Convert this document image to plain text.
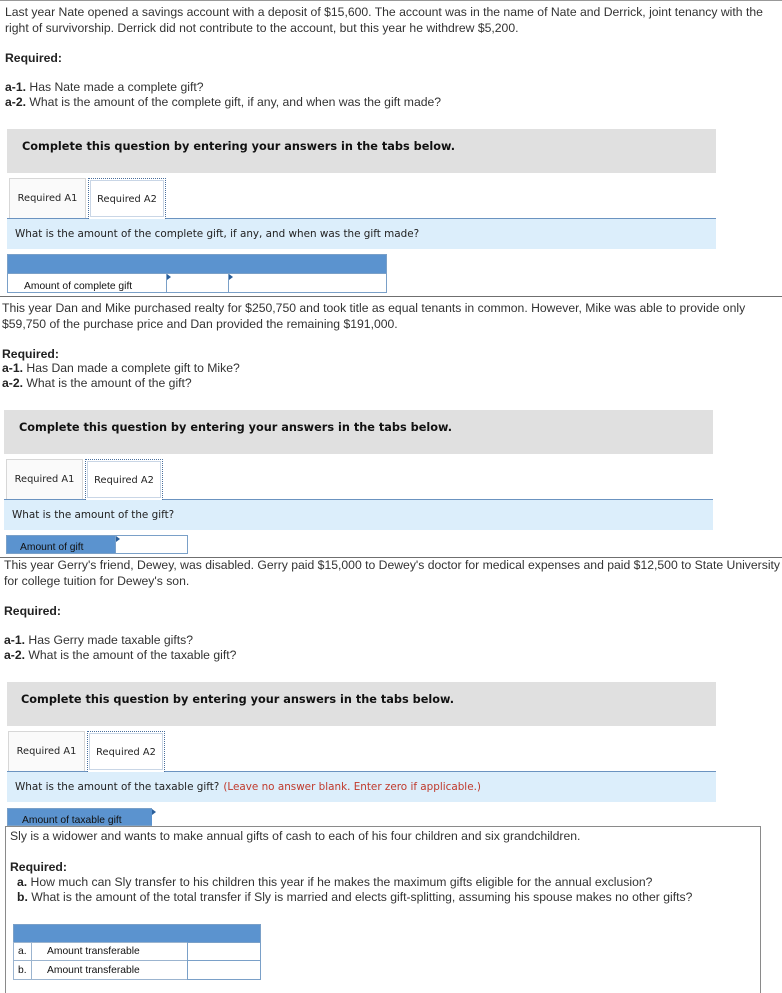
Last year Nate opened a savings account with a deposit of $15,600. The account was in the name of Nate and Derrick, joint tenancy with the right of survivorship. Derrick did not contribute to the account, but this year he withdrew $5,200.
Required:
a-1. Has Nate made a complete gift?
a-2. What is the amount of the complete gift, if any, and when was the gift made?
Complete this question by entering your answers in the tabs below.
Required A1	Required A2
What is the amount of the complete gift, if any, and when was the gift made?
Amount of complete gift
This year Dan and Mike purchased realty for $250,750 and took title as equal tenants in common. However, Mike was able to provide only $59,750 of the purchase price and Dan provided the remaining $191,000.
Required:
a-1. Has Dan made a complete gift to Mike?
a-2. What is the amount of the gift?
Complete this question by entering your answers in the tabs below.
Required A1	Required A2
What is the amount of the gift?
Amount of gift
This year Gerry's friend, Dewey, was disabled. Gerry paid $15,000 to Dewey's doctor for medical expenses and paid $12,500 to State University for college tuition for Dewey's son.
Required:
a-1. Has Gerry made taxable gifts?
a-2. What is the amount of the taxable gift?
Complete this question by entering your answers in the tabs below.
Required A1	Required A2
What is the amount of the taxable gift? (Leave no answer blank. Enter zero if applicable.)
Amount of taxable gift
Sly is a widower and wants to make annual gifts of cash to each of his four children and six grandchildren.
Required:
a. How much can Sly transfer to his children this year if he makes the maximum gifts eligible for the annual exclusion?
b. What is the amount of the total transfer if Sly is married and elects gift-splitting, assuming his spouse makes no other gifts?
a. Amount transferable
b. Amount transferable
